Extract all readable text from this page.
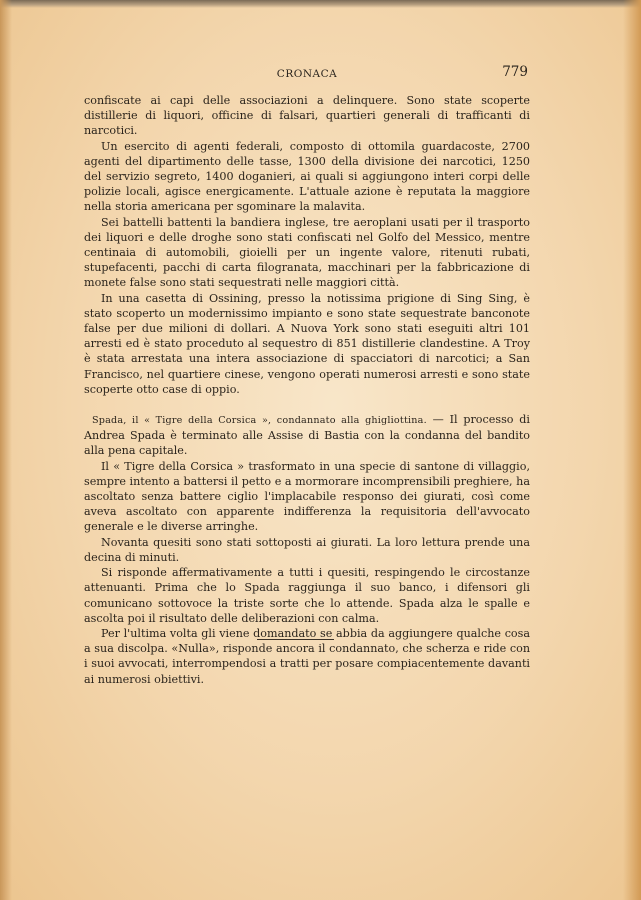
CRONACA	779

confiscate ai capi delle associazioni a delinquere. Sono state scoperte distillerie di liquori, officine di falsari, quartieri generali di trafficanti di narcotici.

Un esercito di agenti federali, composto di ottomila guardacoste, 2700 agenti del dipartimento delle tasse, 1300 della divisione dei narcotici, 1250 del servizio segreto, 1400 doganieri, ai quali si aggiungono interi corpi delle polizie locali, agisce energicamente. L'attuale azione è reputata la maggiore nella storia americana per sgominare la malavita.

Sei battelli battenti la bandiera inglese, tre aeroplani usati per il trasporto dei liquori e delle droghe sono stati confiscati nel Golfo del Messico, mentre centinaia di automobili, gioielli per un ingente valore, ritenuti rubati, stupefacenti, pacchi di carta filogranata, macchinari per la fabbricazione di monete false sono stati sequestrati nelle maggiori città.

In una casetta di Ossining, presso la notissima prigione di Sing Sing, è stato scoperto un modernissimo impianto e sono state sequestrate banconote false per due milioni di dollari. A Nuova York sono stati eseguiti altri 101 arresti ed è stato proceduto al sequestro di 851 distillerie clandestine. A Troy è stata arrestata una intera associazione di spacciatori di narcotici; a San Francisco, nel quartiere cinese, vengono operati numerosi arresti e sono state scoperte otto case di oppio.

Spada, il « Tigre della Corsica », condannato alla ghigliottina. — Il processo di Andrea Spada è terminato alle Assise di Bastia con la condanna del bandito alla pena capitale.

Il « Tigre della Corsica » trasformato in una specie di santone di villaggio, sempre intento a battersi il petto e a mormorare incomprensibili preghiere, ha ascoltato senza battere ciglio l'implacabile responso dei giurati, così come aveva ascoltato con apparente indifferenza la requisitoria dell'avvocato generale e le diverse arringhe.

Novanta quesiti sono stati sottoposti ai giurati. La loro lettura prende una decina di minuti.

Si risponde affermativamente a tutti i quesiti, respingendo le circostanze attenuanti. Prima che lo Spada raggiunga il suo banco, i difensori gli comunicano sottovoce la triste sorte che lo attende. Spada alza le spalle e ascolta poi il risultato delle deliberazioni con calma.

Per l'ultima volta gli viene domandato se abbia da aggiungere qualche cosa a sua discolpa. «Nulla», risponde ancora il condannato, che scherza e ride con i suoi avvocati, interrompendosi a tratti per posare compiacentemente davanti ai numerosi obiettivi.
